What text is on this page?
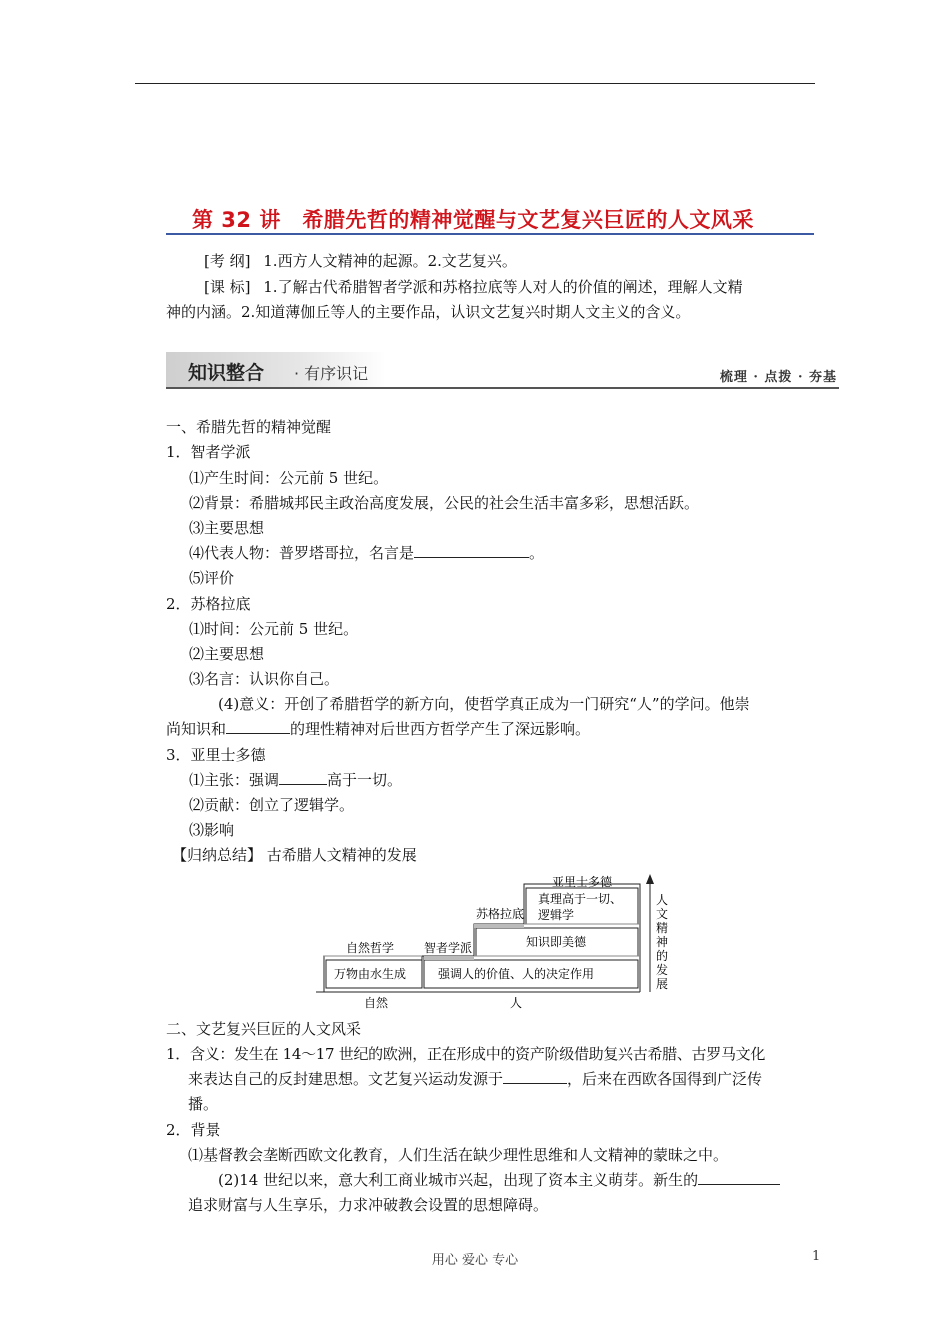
第 32 讲　希腊先哲的精神觉醒与文艺复兴巨匠的人文风采
[考 纲] 1.西方人文精神的起源。2.文艺复兴。
[课 标] 1.了解古代希腊智者学派和苏格拉底等人对人的价值的阐述，理解人文精
神的内涵。2.知道薄伽丘等人的主要作品，认识文艺复兴时期人文主义的含义。
知识整合 · 有序识记	梳理 · 点拨 · 夯基
一、希腊先哲的精神觉醒
1．智者学派
⑴产生时间：公元前 5 世纪。
⑵背景：希腊城邦民主政治高度发展，公民的社会生活丰富多彩，思想活跃。
⑶主要思想
⑷代表人物：普罗塔哥拉，名言是	。
⑸评价
2．苏格拉底
⑴时间：公元前 5 世纪。
⑵主要思想
⑶名言：认识你自己。
(4)意义：开创了希腊哲学的新方向，使哲学真正成为一门研究“人”的学问。他崇
尚知识和	的理性精神对后世西方哲学产生了深远影响。
3．亚里士多德
⑴主张：强调	高于一切。
⑵贡献：创立了逻辑学。
⑶影响
【归纳总结】 古希腊人文精神的发展
亚里士多德
真理高于一切、
逻辑学
苏格拉底
知识即美德
自然哲学 智者学派
万物由水生成	强调人的价值、人的决定作用
自然	人
人
文
精
神
的
发
展
二、文艺复兴巨匠的人文风采
1．含义：发生在 14～17 世纪的欧洲，正在形成中的资产阶级借助复兴古希腊、古罗马文化
来表达自己的反封建思想。文艺复兴运动发源于	，后来在西欧各国得到广泛传
播。
2．背景
⑴基督教会垄断西欧文化教育，人们生活在缺少理性思维和人文精神的蒙昧之中。
(2)14 世纪以来，意大利工商业城市兴起，出现了资本主义萌芽。新生的
追求财富与人生享乐，力求冲破教会设置的思想障碍。
用心 爱心 专心	1
